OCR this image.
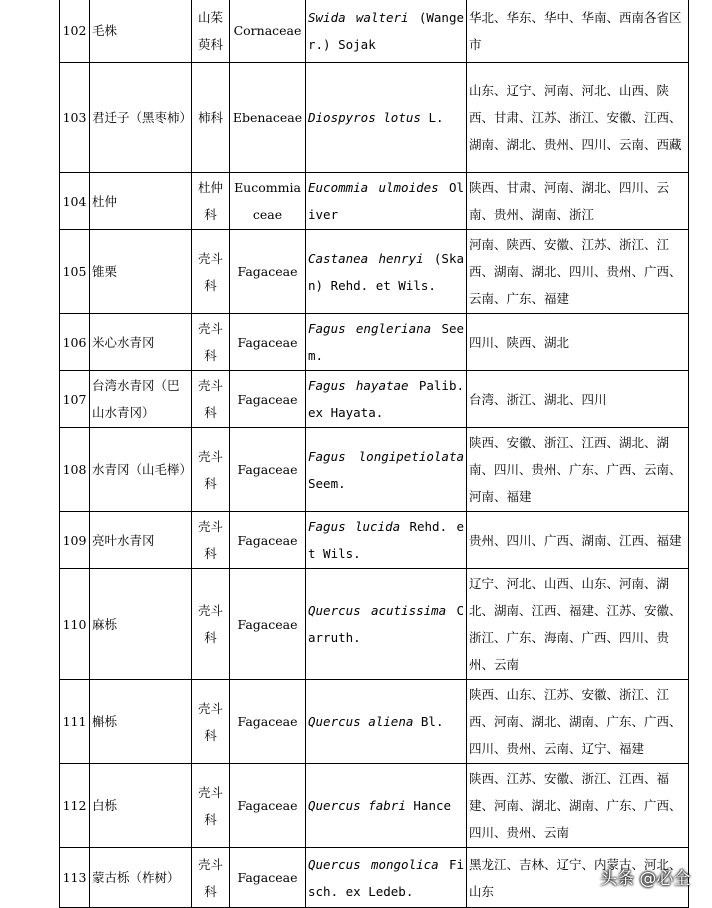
102	毛株	山茱萸科	Cornaceae	Swida walteri (Wanger.) Sojak	华北、华东、华中、华南、西南各省区市
103	君迁子（黑枣柿）	柿科	Ebenaceae	Diospyros lotus L.	山东、辽宁、河南、河北、山西、陕西、甘肃、江苏、浙江、安徽、江西、湖南、湖北、贵州、四川、云南、西藏
104	杜仲	杜仲科	Eucommiaceae	Eucommia ulmoides Oliver	陕西、甘肃、河南、湖北、四川、云南、贵州、湖南、浙江
105	锥栗	壳斗科	Fagaceae	Castanea henryi (Skan) Rehd. et Wils.	河南、陕西、安徽、江苏、浙江、江西、湖南、湖北、四川、贵州、广西、云南、广东、福建
106	米心水青冈	壳斗科	Fagaceae	Fagus engleriana Seem.	四川、陕西、湖北
107	台湾水青冈（巴山水青冈）	壳斗科	Fagaceae	Fagus hayatae Palib. ex Hayata.	台湾、浙江、湖北、四川
108	水青冈（山毛榉）	壳斗科	Fagaceae	Fagus longipetiolata Seem.	陕西、安徽、浙江、江西、湖北、湖南、四川、贵州、广东、广西、云南、河南、福建
109	亮叶水青冈	壳斗科	Fagaceae	Fagus lucida Rehd. et Wils.	贵州、四川、广西、湖南、江西、福建
110	麻栎	壳斗科	Fagaceae	Quercus acutissima Carruth.	辽宁、河北、山西、山东、河南、湖北、湖南、江西、福建、江苏、安徽、浙江、广东、海南、广西、四川、贵州、云南
111	槲栎	壳斗科	Fagaceae	Quercus aliena Bl.	陕西、山东、江苏、安徽、浙江、江西、河南、湖北、湖南、广东、广西、四川、贵州、云南、辽宁、福建
112	白栎	壳斗科	Fagaceae	Quercus fabri Hance	陕西、江苏、安徽、浙江、江西、福建、河南、湖北、湖南、广东、广西、四川、贵州、云南
113	蒙古栎（柞树）	壳斗科	Fagaceae	Quercus mongolica Fisch. ex Ledeb.	黑龙江、吉林、辽宁、内蒙古、河北、山东
头条 @必全
